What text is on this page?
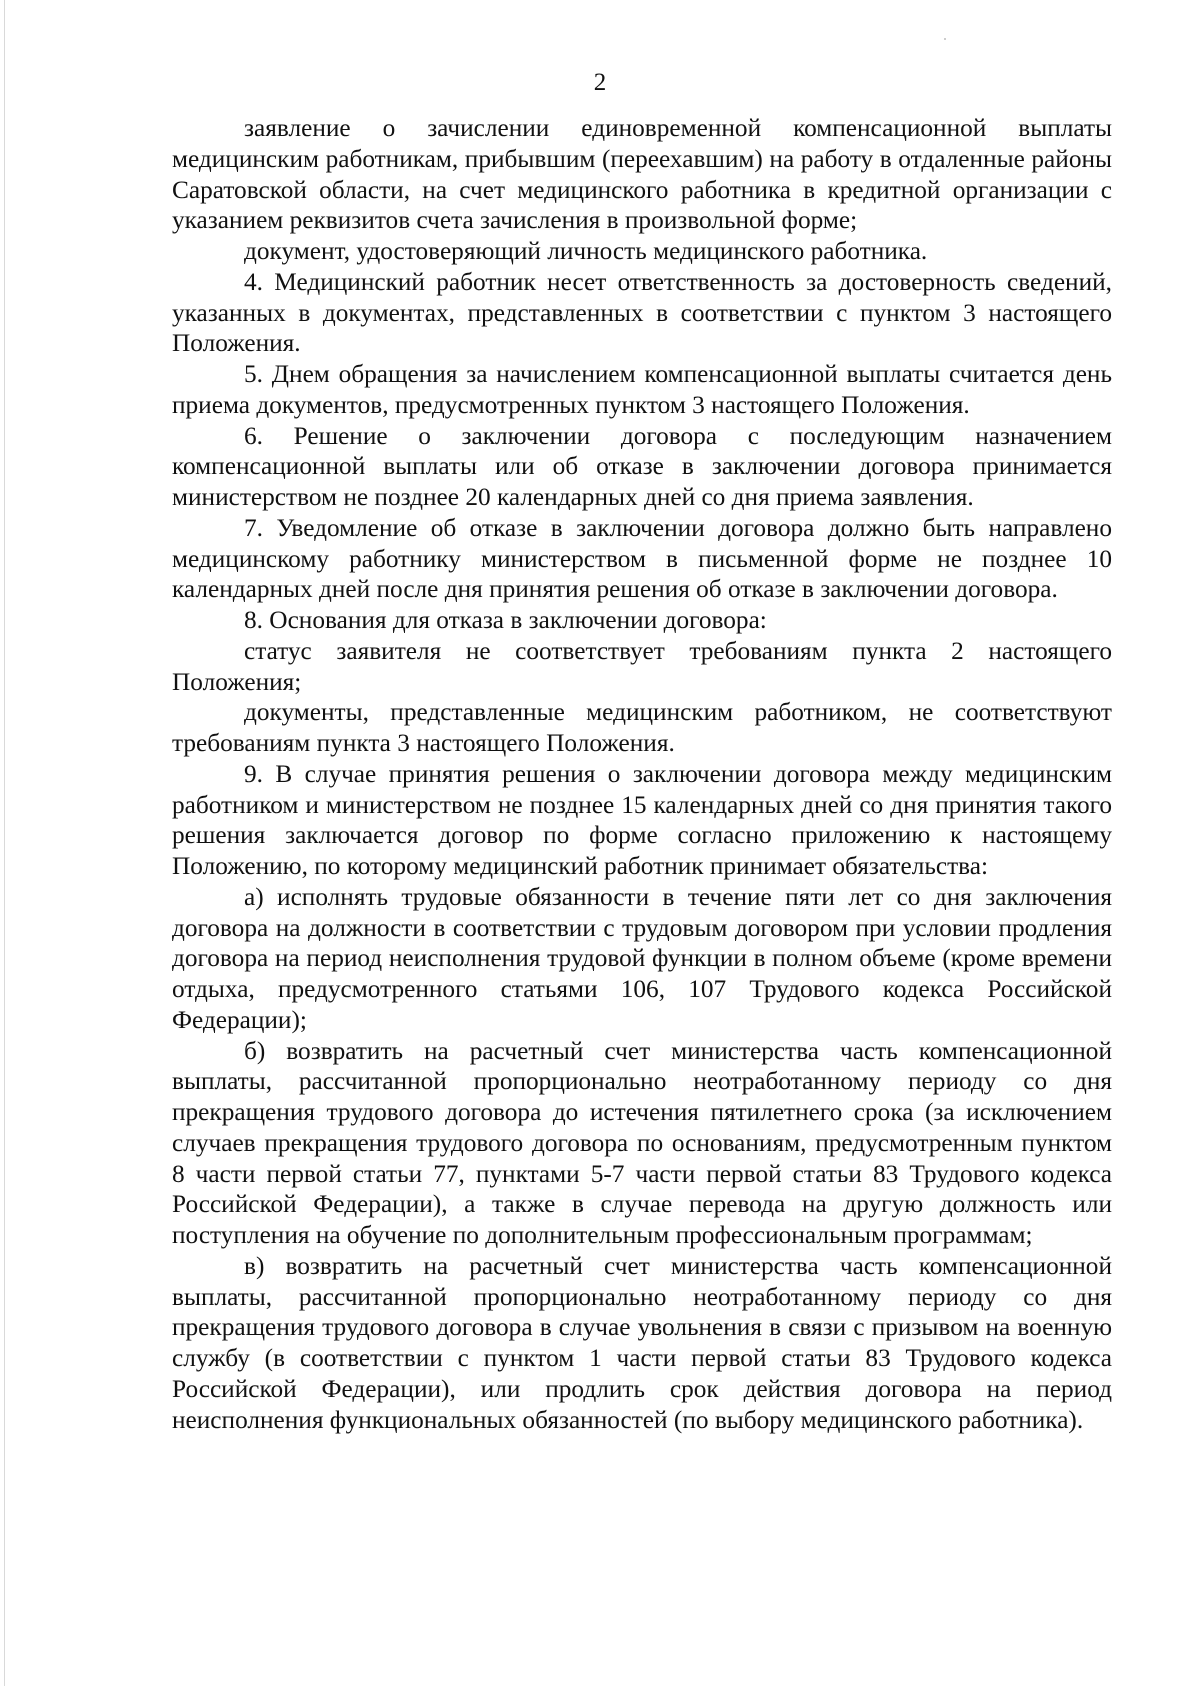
2

заявление о зачислении единовременной компенсационной выплаты медицинским работникам, прибывшим (переехавшим) на работу в отдаленные районы Саратовской области, на счет медицинского работника в кредитной организации с указанием реквизитов счета зачисления в произвольной форме;

документ, удостоверяющий личность медицинского работника.

4. Медицинский работник несет ответственность за достоверность сведений, указанных в документах, представленных в соответствии с пунктом 3 настоящего Положения.

5. Днем обращения за начислением компенсационной выплаты считается день приема документов, предусмотренных пунктом 3 настоящего Положения.

6. Решение о заключении договора с последующим назначением компенсационной выплаты или об отказе в заключении договора принимается министерством не позднее 20 календарных дней со дня приема заявления.

7. Уведомление об отказе в заключении договора должно быть направлено медицинскому работнику министерством в письменной форме не позднее 10 календарных дней после дня принятия решения об отказе в заключении договора.

8. Основания для отказа в заключении договора:

статус заявителя не соответствует требованиям пункта 2 настоящего Положения;

документы, представленные медицинским работником, не соответствуют требованиям пункта 3 настоящего Положения.

9. В случае принятия решения о заключении договора между медицинским работником и министерством не позднее 15 календарных дней со дня принятия такого решения заключается договор по форме согласно приложению к настоящему Положению, по которому медицинский работник принимает обязательства:

а) исполнять трудовые обязанности в течение пяти лет со дня заключения договора на должности в соответствии с трудовым договором при условии продления договора на период неисполнения трудовой функции в полном объеме (кроме времени отдыха, предусмотренного статьями 106, 107 Трудового кодекса Российской Федерации);

б) возвратить на расчетный счет министерства часть компенсационной выплаты, рассчитанной пропорционально неотработанному периоду со дня прекращения трудового договора до истечения пятилетнего срока (за исключением случаев прекращения трудового договора по основаниям, предусмотренным пунктом 8 части первой статьи 77, пунктами 5-7 части первой статьи 83 Трудового кодекса Российской Федерации), а также в случае перевода на другую должность или поступления на обучение по дополнительным профессиональным программам;

в) возвратить на расчетный счет министерства часть компенсационной выплаты, рассчитанной пропорционально неотработанному периоду со дня прекращения трудового договора в случае увольнения в связи с призывом на военную службу (в соответствии с пунктом 1 части первой статьи 83 Трудового кодекса Российской Федерации), или продлить срок действия договора на период неисполнения функциональных обязанностей (по выбору медицинского работника).
